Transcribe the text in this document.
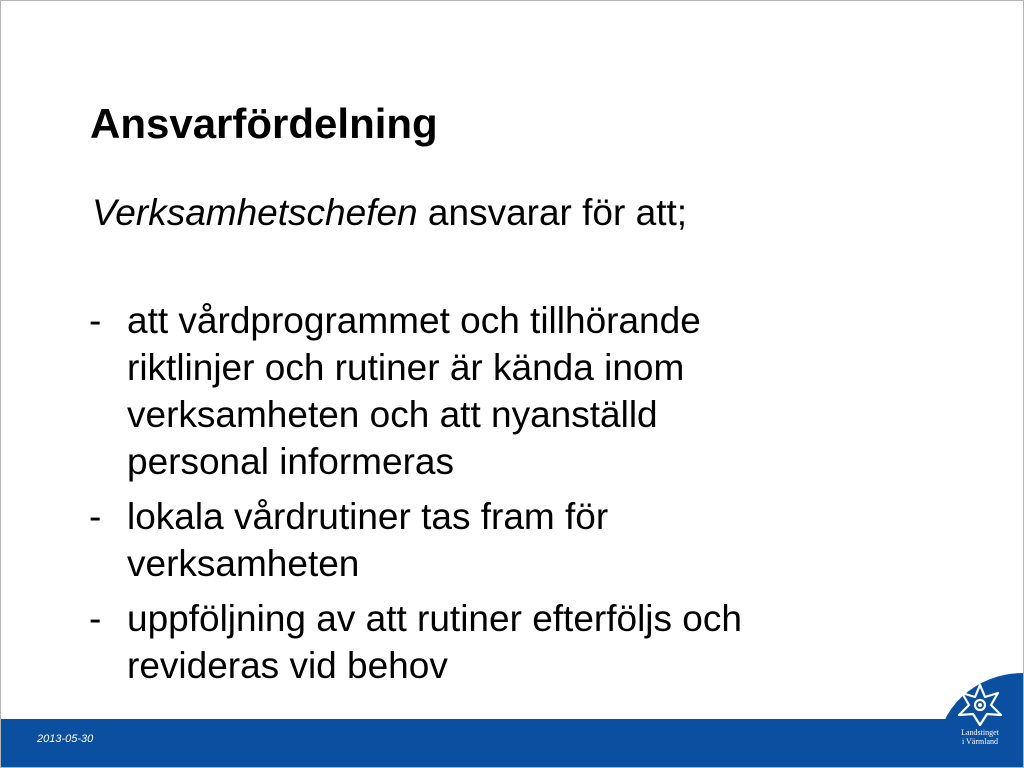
Ansvarfördelning
Verksamhetschefen ansvarar för att;
- att vårdprogrammet och tillhörande
riktlinjer och rutiner är kända inom
verksamheten och att nyanställd
personal informeras
- lokala vårdrutiner tas fram för
verksamheten
- uppföljning av att rutiner efterföljs och
revideras vid behov
2013-05-30
Landstinget
i Värmland
